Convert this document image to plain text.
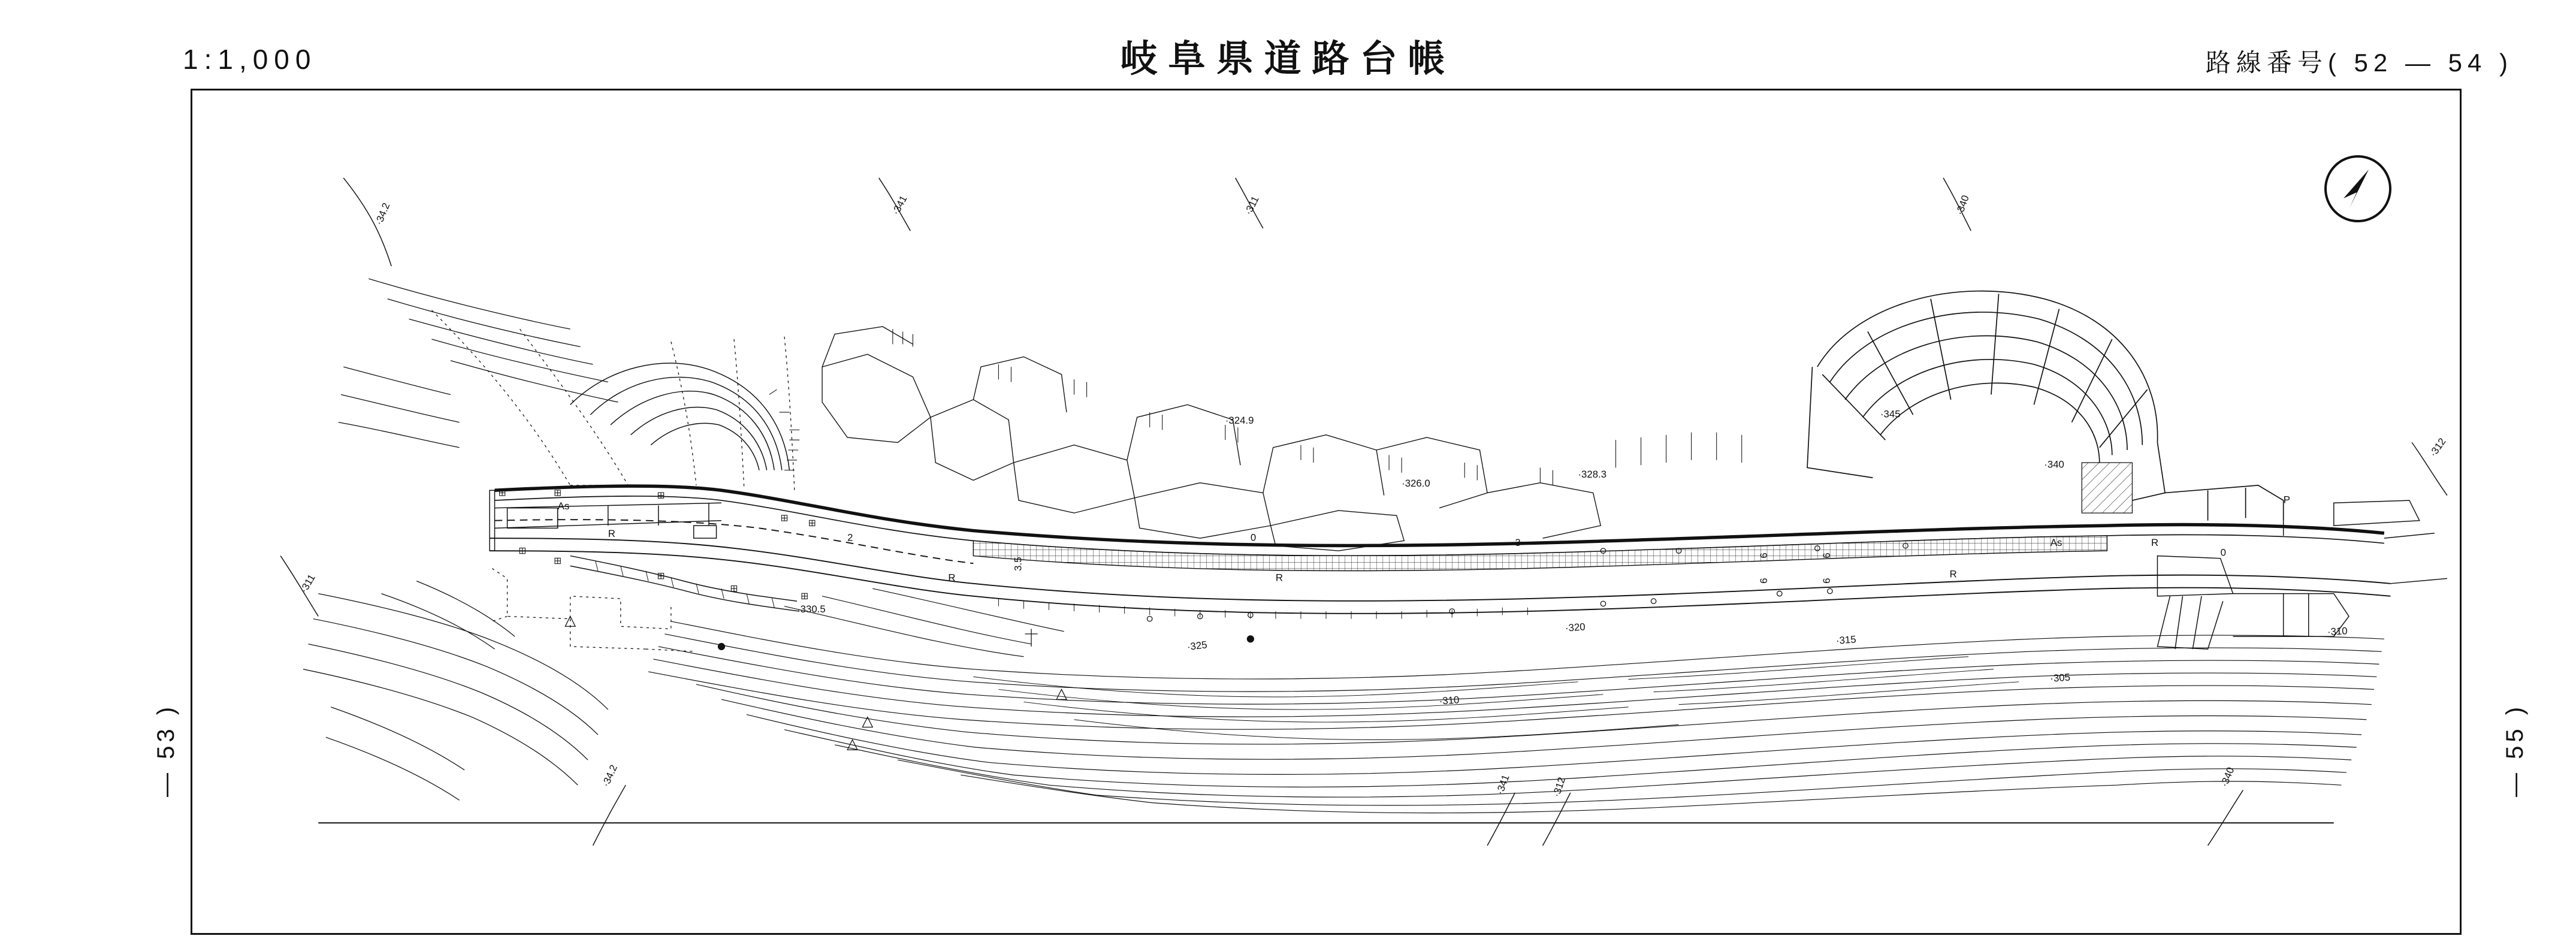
1:1,000	岐阜県道路台帳	路線番号( 52 ― 54 )
― 53 )	― 55 )
·324.9
·326.0
·328.3
·345
·340
·330.5
·320
·325	·315
·310
·305
·310
·34.2	·341	·311	·340
·311
·312
·34.2	·341	·312	·340
As
R	2
3.5
0	3
R	R
As	R
R
6
6
6
6
P
0
